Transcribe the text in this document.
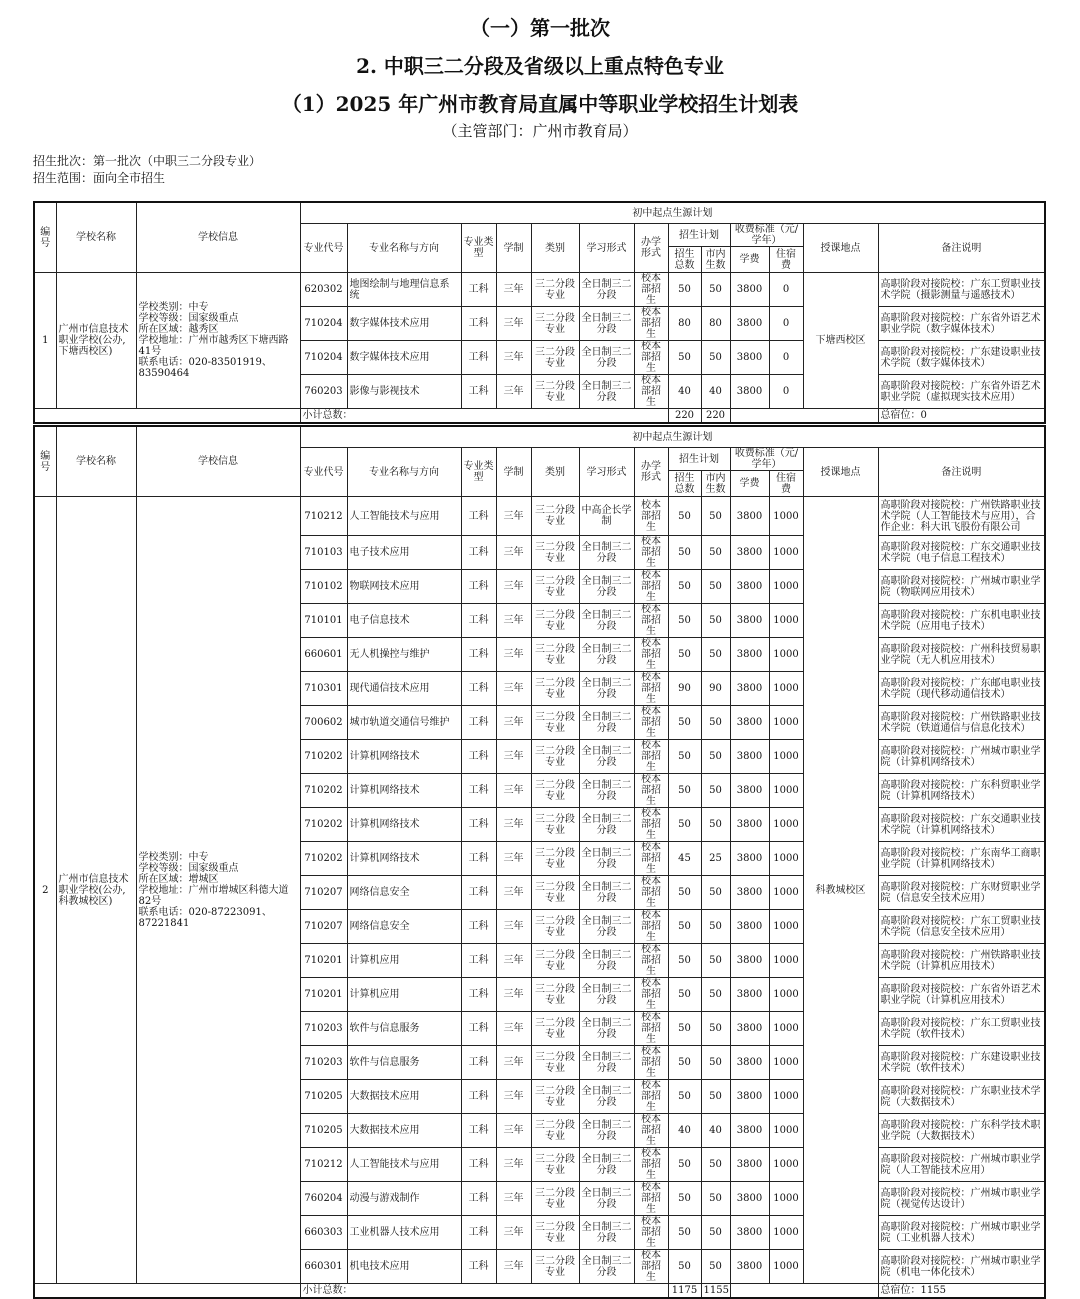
（一）第一批次
2. 中职三二分段及省级以上重点特色专业
（1）2025 年广州市教育局直属中等职业学校招生计划表
（主管部门：广州市教育局）
招生批次：第一批次（中职三二分段专业）
招生范围：面向全市招生
编号	学校名称	学校信息	初中起点生源计划												
			专业代号	专业名称与方向	专业类型	学制	类别	学习形式	办学形式	招生计划		收费标准（元/学年）		授课地点	备注说明
										招生总数	市内生数	学费	住宿费		
1	广州市信息技术职业学校(公办,下塘西校区)	学校类别：中专
学校等级：国家级重点
所在区域：越秀区
学校地址：广州市越秀区下塘西路41号
联系电话：020-83501919、83590464	620302	地图绘制与地理信息系统	工科	三年	三二分段专业	全日制三二分段	校本部招生	50	50	3800	0	下塘西校区	高职阶段对接院校：广东工贸职业技术学院（摄影测量与遥感技术）
			710204	数字媒体技术应用	工科	三年	三二分段专业	全日制三二分段	校本部招生	80	80	3800	0		高职阶段对接院校：广东省外语艺术职业学院（数字媒体技术）
			710204	数字媒体技术应用	工科	三年	三二分段专业	全日制三二分段	校本部招生	50	50	3800	0		高职阶段对接院校：广东建设职业技术学院（数字媒体技术）
			760203	影像与影视技术	工科	三年	三二分段专业	全日制三二分段	校本部招生	40	40	3800	0		高职阶段对接院校：广东省外语艺术职业学院（虚拟现实技术应用）
			小计总数：							220	220				总宿位：0
编号	学校名称	学校信息	初中起点生源计划												
			专业代号	专业名称与方向	专业类型	学制	类别	学习形式	办学形式	招生计划		收费标准（元/学年）		授课地点	备注说明
										招生总数	市内生数	学费	住宿费		
2	广州市信息技术职业学校(公办,科教城校区)	学校类别：中专
学校等级：国家级重点
所在区域：增城区
学校地址：广州市增城区科德大道82号
联系电话：020-87223091、87221841	710212	人工智能技术与应用	工科	三年	三二分段专业	中高企长学制	校本部招生	50	50	3800	1000	科教城校区	高职阶段对接院校：广州铁路职业技术学院（人工智能技术与应用），合作企业：科大讯飞股份有限公司
			710103	电子技术应用	工科	三年	三二分段专业	全日制三二分段	校本部招生	50	50	3800	1000		高职阶段对接院校：广东交通职业技术学院（电子信息工程技术）
			710102	物联网技术应用	工科	三年	三二分段专业	全日制三二分段	校本部招生	50	50	3800	1000		高职阶段对接院校：广州城市职业学院（物联网应用技术）
			710101	电子信息技术	工科	三年	三二分段专业	全日制三二分段	校本部招生	50	50	3800	1000		高职阶段对接院校：广东机电职业技术学院（应用电子技术）
			660601	无人机操控与维护	工科	三年	三二分段专业	全日制三二分段	校本部招生	50	50	3800	1000		高职阶段对接院校：广州科技贸易职业学院（无人机应用技术）
			710301	现代通信技术应用	工科	三年	三二分段专业	全日制三二分段	校本部招生	90	90	3800	1000		高职阶段对接院校：广东邮电职业技术学院（现代移动通信技术）
			700602	城市轨道交通信号维护	工科	三年	三二分段专业	全日制三二分段	校本部招生	50	50	3800	1000		高职阶段对接院校：广州铁路职业技术学院（铁道通信与信息化技术）
			710202	计算机网络技术	工科	三年	三二分段专业	全日制三二分段	校本部招生	50	50	3800	1000		高职阶段对接院校：广州城市职业学院（计算机网络技术）
			710202	计算机网络技术	工科	三年	三二分段专业	全日制三二分段	校本部招生	50	50	3800	1000		高职阶段对接院校：广东科贸职业学院（计算机网络技术）
			710202	计算机网络技术	工科	三年	三二分段专业	全日制三二分段	校本部招生	50	50	3800	1000		高职阶段对接院校：广东交通职业技术学院（计算机网络技术）
			710202	计算机网络技术	工科	三年	三二分段专业	全日制三二分段	校本部招生	45	25	3800	1000		高职阶段对接院校：广东南华工商职业学院（计算机网络技术）
			710207	网络信息安全	工科	三年	三二分段专业	全日制三二分段	校本部招生	50	50	3800	1000		高职阶段对接院校：广东财贸职业学院（信息安全技术应用）
			710207	网络信息安全	工科	三年	三二分段专业	全日制三二分段	校本部招生	50	50	3800	1000		高职阶段对接院校：广东工贸职业技术学院（信息安全技术应用）
			710201	计算机应用	工科	三年	三二分段专业	全日制三二分段	校本部招生	50	50	3800	1000		高职阶段对接院校：广州铁路职业技术学院（计算机应用技术）
			710201	计算机应用	工科	三年	三二分段专业	全日制三二分段	校本部招生	50	50	3800	1000		高职阶段对接院校：广东省外语艺术职业学院（计算机应用技术）
			710203	软件与信息服务	工科	三年	三二分段专业	全日制三二分段	校本部招生	50	50	3800	1000		高职阶段对接院校：广东工贸职业技术学院（软件技术）
			710203	软件与信息服务	工科	三年	三二分段专业	全日制三二分段	校本部招生	50	50	3800	1000		高职阶段对接院校：广东建设职业技术学院（软件技术）
			710205	大数据技术应用	工科	三年	三二分段专业	全日制三二分段	校本部招生	50	50	3800	1000		高职阶段对接院校：广东职业技术学院（大数据技术）
			710205	大数据技术应用	工科	三年	三二分段专业	全日制三二分段	校本部招生	40	40	3800	1000		高职阶段对接院校：广东科学技术职业学院（大数据技术）
			710212	人工智能技术与应用	工科	三年	三二分段专业	全日制三二分段	校本部招生	50	50	3800	1000		高职阶段对接院校：广州城市职业学院（人工智能技术应用）
			760204	动漫与游戏制作	工科	三年	三二分段专业	全日制三二分段	校本部招生	50	50	3800	1000		高职阶段对接院校：广州城市职业学院（视觉传达设计）
			660303	工业机器人技术应用	工科	三年	三二分段专业	全日制三二分段	校本部招生	50	50	3800	1000		高职阶段对接院校：广州城市职业学院（工业机器人技术）
			660301	机电技术应用	工科	三年	三二分段专业	全日制三二分段	校本部招生	50	50	3800	1000		高职阶段对接院校：广州城市职业学院（机电一体化技术）
			小计总数：							1175	1155				总宿位：1155
